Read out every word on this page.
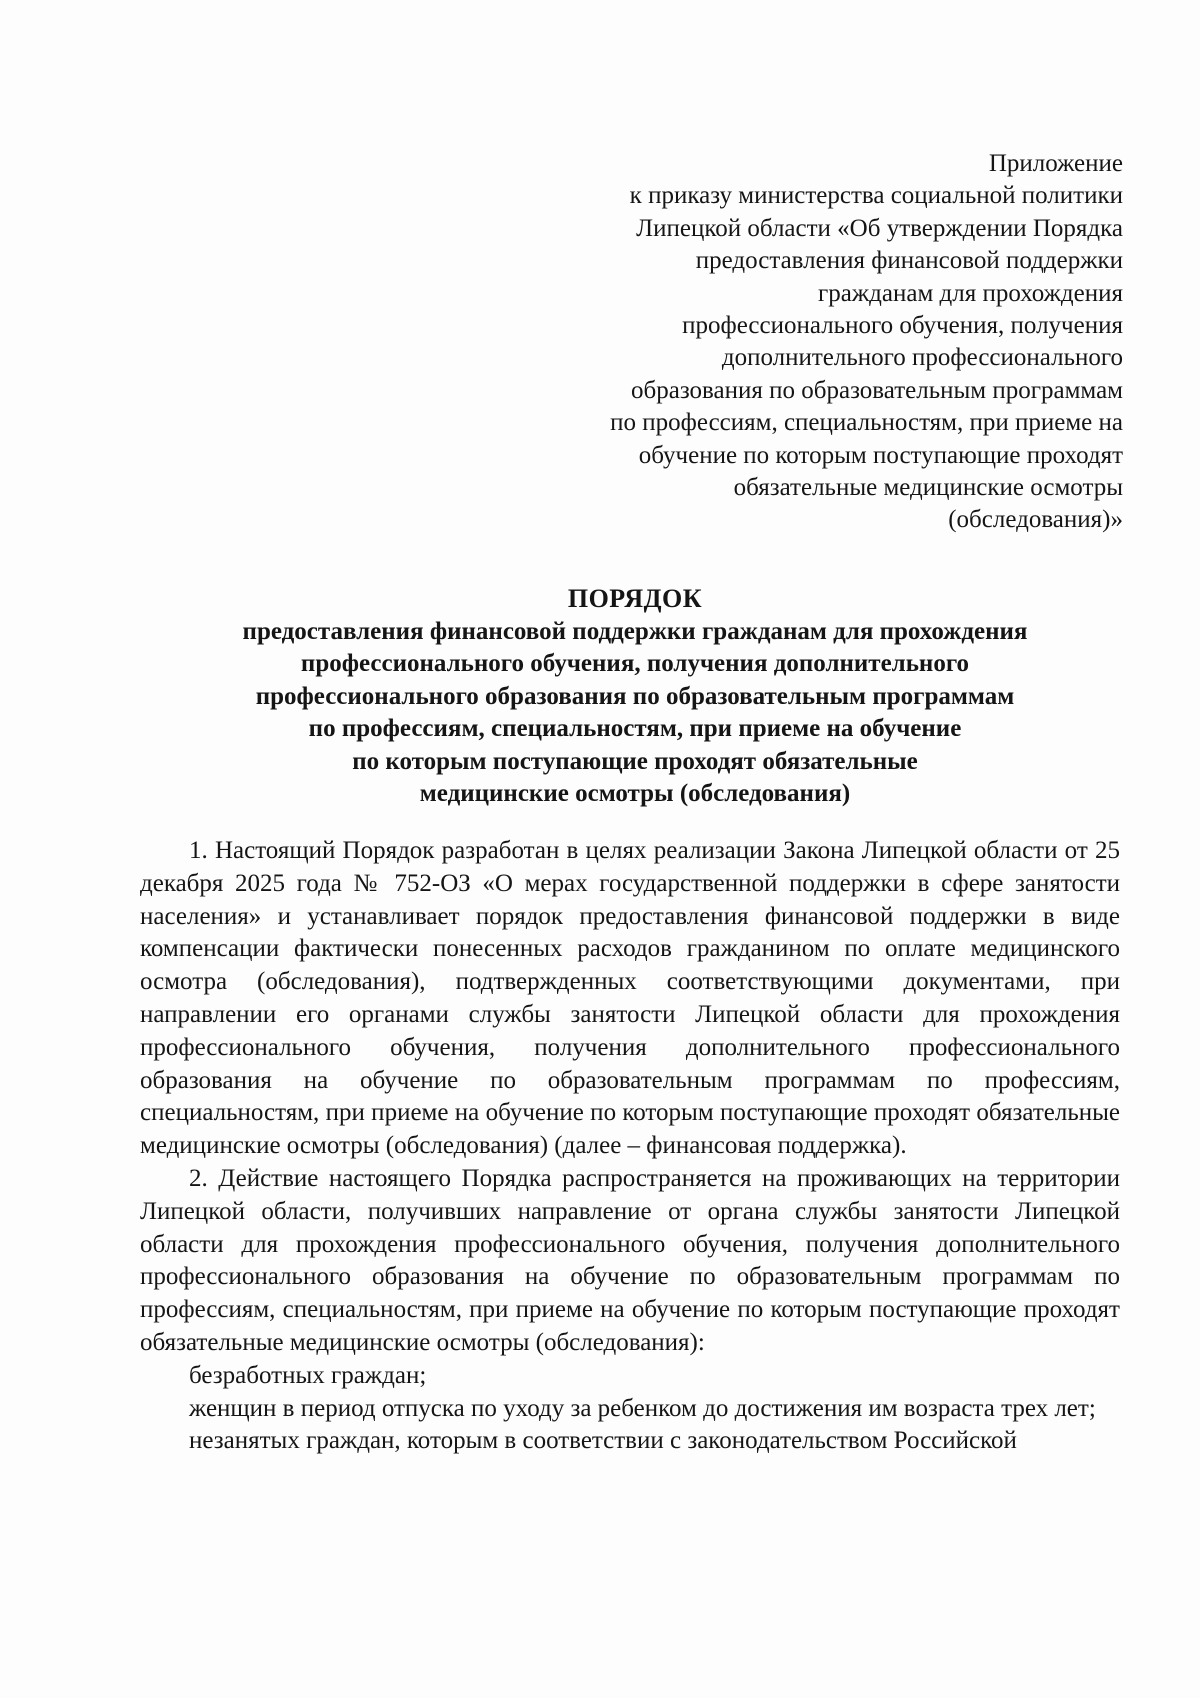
Приложение
к приказу министерства социальной политики
Липецкой области «Об утверждении Порядка
предоставления финансовой поддержки
гражданам для прохождения
профессионального обучения, получения
дополнительного профессионального
образования по образовательным программам
по профессиям, специальностям, при приеме на
обучение по которым поступающие проходят
обязательные медицинские осмотры
(обследования)»
ПОРЯДОК
предоставления финансовой поддержки гражданам для прохождения
профессионального обучения, получения дополнительного
профессионального образования по образовательным программам
по профессиям, специальностям, при приеме на обучение
по которым поступающие проходят обязательные
медицинские осмотры (обследования)

1. Настоящий Порядок разработан в целях реализации Закона Липецкой области от 25 декабря 2025 года № 752-ОЗ «О мерах государственной поддержки в сфере занятости населения» и устанавливает порядок предоставления финансовой поддержки в виде компенсации фактически понесенных расходов гражданином по оплате медицинского осмотра (обследования), подтвержденных соответствующими документами, при направлении его органами службы занятости Липецкой области для прохождения профессионального обучения, получения дополнительного профессионального образования на обучение по образовательным программам по профессиям, специальностям, при приеме на обучение по которым поступающие проходят обязательные медицинские осмотры (обследования) (далее – финансовая поддержка).

2. Действие настоящего Порядка распространяется на проживающих на территории Липецкой области, получивших направление от органа службы занятости Липецкой области для прохождения профессионального обучения, получения дополнительного профессионального образования на обучение по образовательным программам по профессиям, специальностям, при приеме на обучение по которым поступающие проходят обязательные медицинские осмотры (обследования):

безработных граждан;

женщин в период отпуска по уходу за ребенком до достижения им возраста трех лет;

незанятых граждан, которым в соответствии с законодательством Российской
